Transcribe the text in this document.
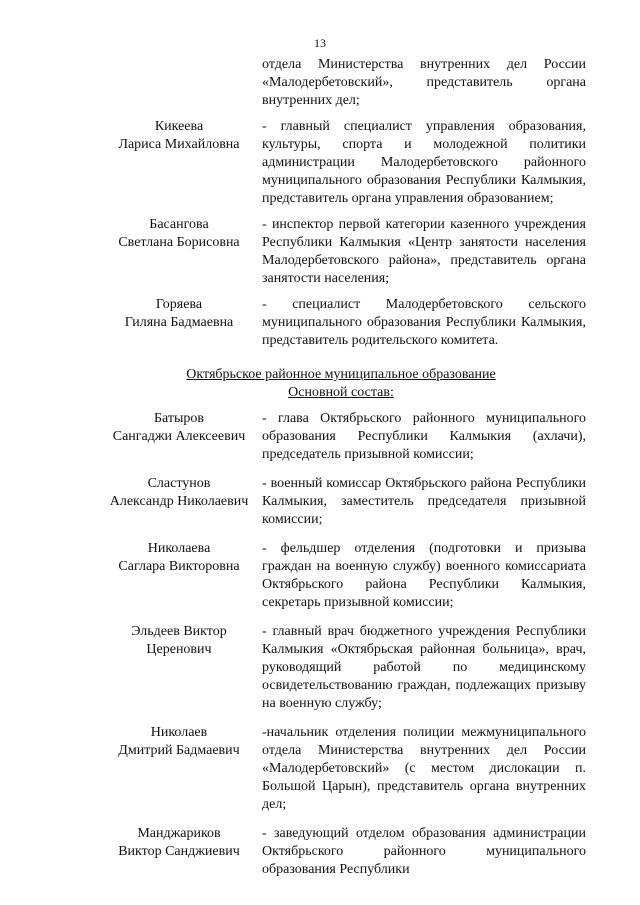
13
отдела Министерства внутренних дел России «Малодербетовский», представитель органа внутренних дел;
Кикеева
Лариса Михайловна
- главный специалист управления образования, культуры, спорта и молодежной политики администрации Малодербетовского районного муниципального образования Республики Калмыкия, представитель органа управления образованием;
Басангова
Светлана Борисовна
- инспектор первой категории казенного учреждения Республики Калмыкия «Центр занятости населения Малодербетовского района», представитель органа занятости населения;
Горяева
Гиляна Бадмаевна
- специалист Малодербетовского сельского муниципального образования Республики Калмыкия, представитель родительского комитета.
Октябрьское районное муниципальное образование
Основной состав:
Батыров
Сангаджи Алексеевич
- глава Октябрьского районного муниципального образования Республики Калмыкия (ахлачи), председатель призывной комиссии;
Сластунов
Александр Николаевич
- военный комиссар Октябрьского района Республики Калмыкия, заместитель председателя призывной комиссии;
Николаева
Саглара Викторовна
- фельдшер отделения (подготовки и призыва граждан на военную службу) военного комиссариата Октябрьского района Республики Калмыкия, секретарь призывной комиссии;
Эльдеев Виктор
Церенович
- главный врач бюджетного учреждения Республики Калмыкия «Октябрьская районная больница», врач, руководящий работой по медицинскому освидетельствованию граждан, подлежащих призыву на военную службу;
Николаев
Дмитрий Бадмаевич
-начальник отделения полиции межмуниципального отдела Министерства внутренних дел России «Малодербетовский» (с местом дислокации п. Большой Царын), представитель органа внутренних дел;
Манджариков
Виктор Санджиевич
- заведующий отделом образования администрации Октябрьского районного муниципального образования Республики
